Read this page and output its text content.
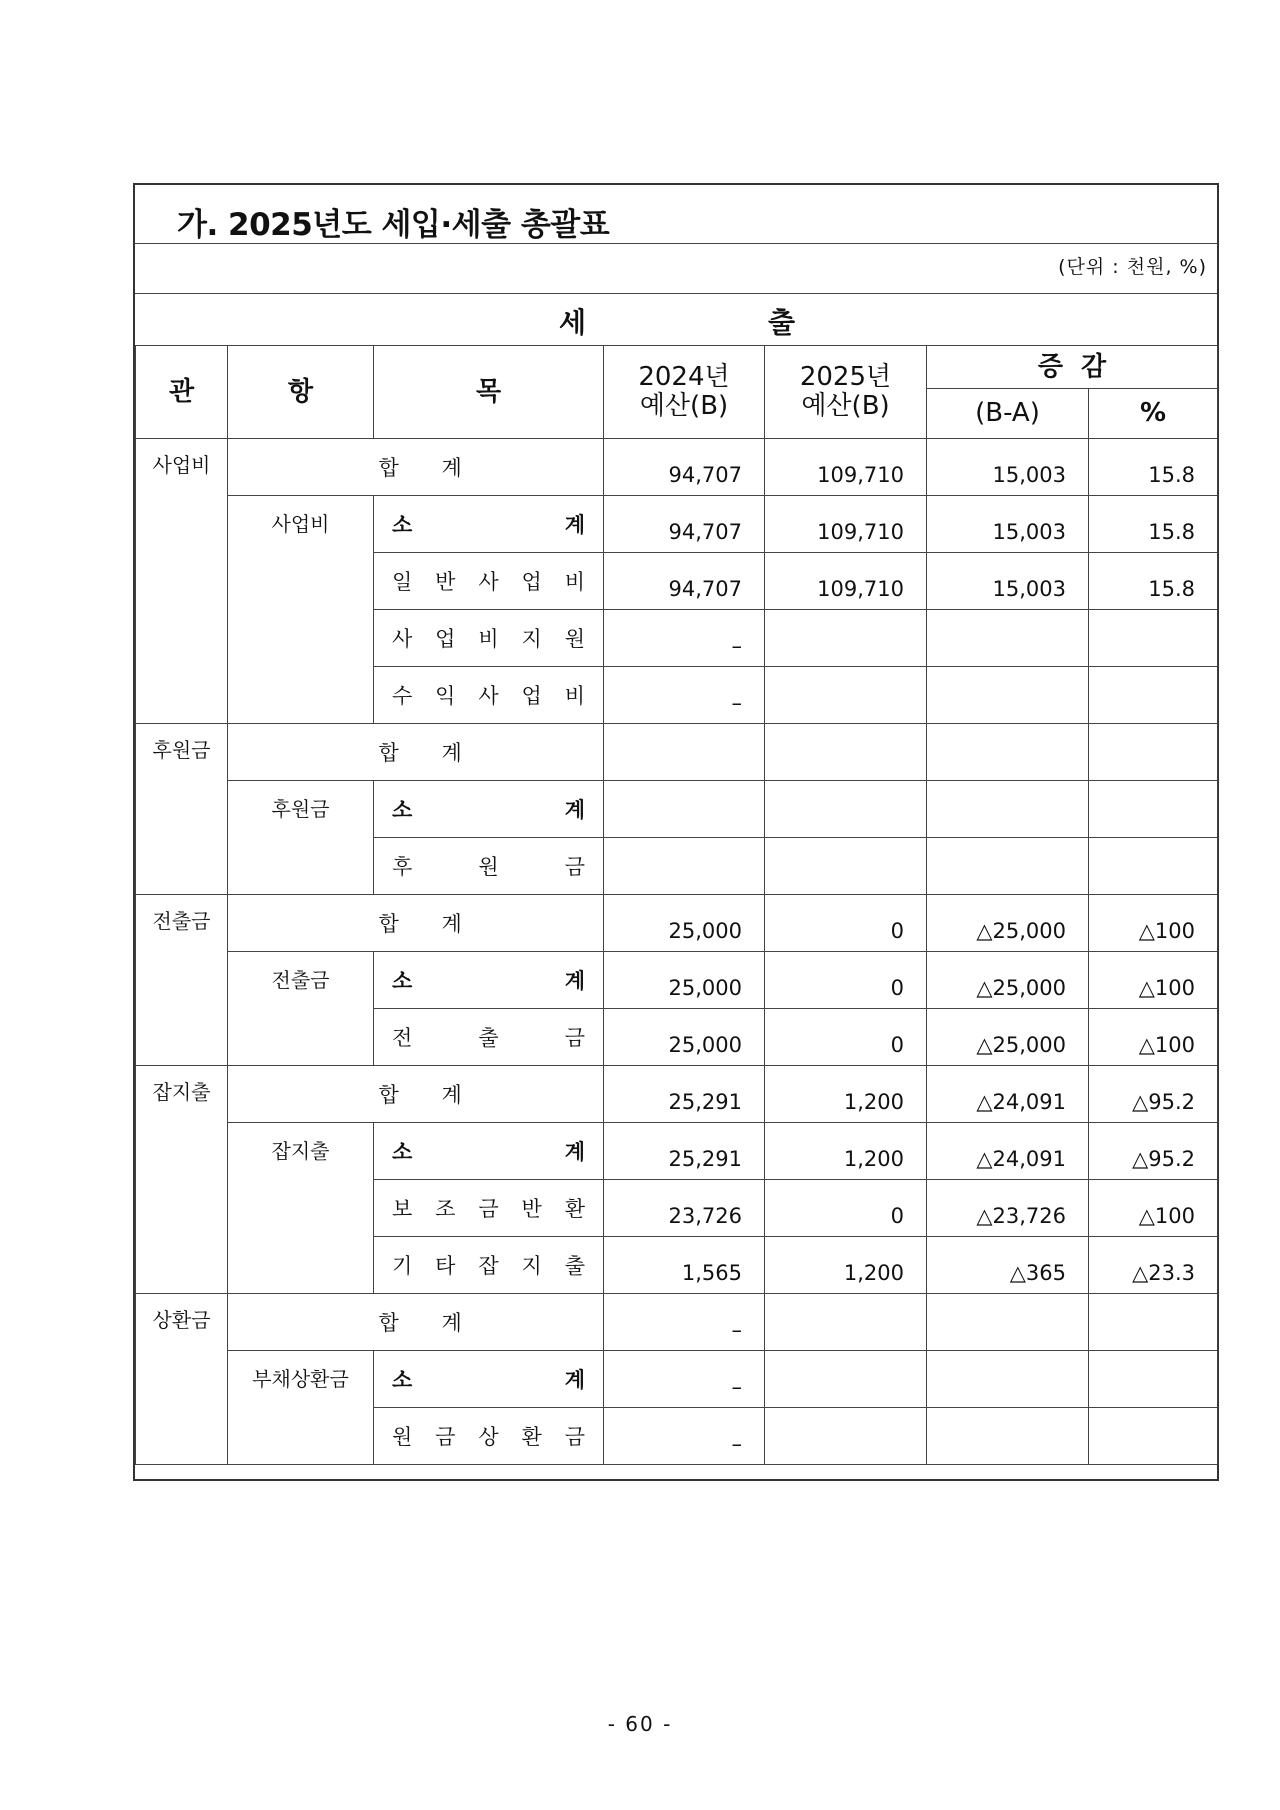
가. 2025년도 세입·세출 총괄표
(단위 : 천원, %)
세	출
관	항	목	2024년 예산(B)	2025년 예산(B)	증  감	
					(B-A)	%
사업비	합 계		94,707	109,710	15,003	15.8
	사업비	소 계	94,707	109,710	15,003	15.8

		일 반 사 업 비	94,707	109,710	15,003	15.8

		사 업 비 지 원	–			

		수 익 사 업 비	–			
후원금	합 계					
	후원금	소 계				

		후 원 금				

전출금	합 계		25,000	0	△25,000	△100
	전출금	소 계	25,000	0	△25,000	△100

		전 출 금	25,000	0	△25,000	△100
잡지출	합 계		25,291	1,200	△24,091	△95.2
	잡지출	소 계	25,291	1,200	△24,091	△95.2

		보 조 금 반 환	23,726	0	△23,726	△100

		기 타 잡 지 출	1,565	1,200	△365	△23.3
상환금	합 계		–			
	부채상환금	소 계	–			

		원 금 상 환 금	–			
- 60 -
